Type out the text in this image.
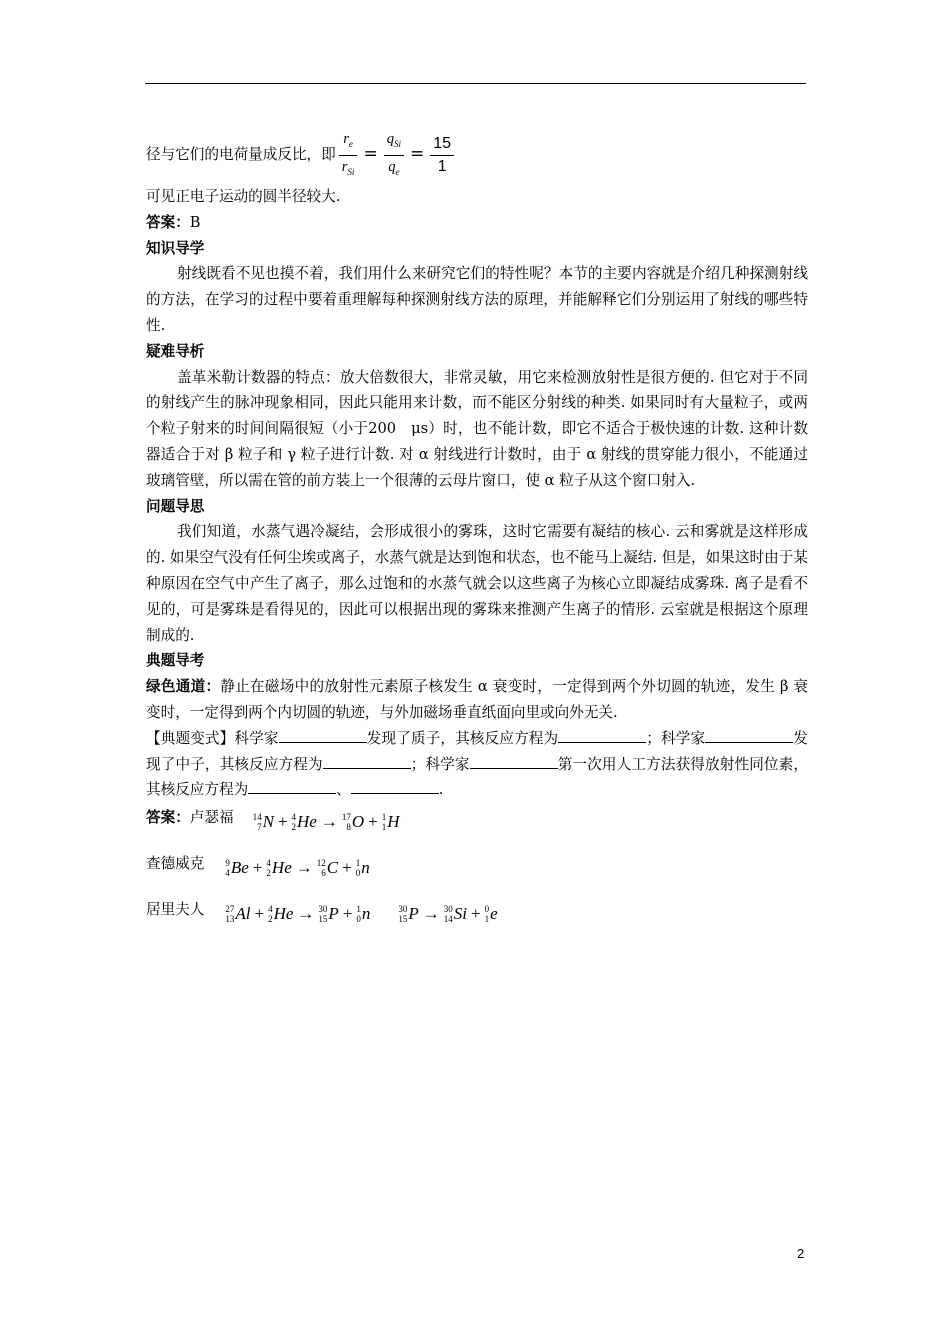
径与它们的电荷量成反比，即 $\frac{r_e}{r_{Si}} = \frac{q_{Si}}{q_e} = \frac{15}{1}$

可见正电子运动的圆半径较大.

答案：B

知识导学

射线既看不见也摸不着，我们用什么来研究它们的特性呢？本节的主要内容就是介绍几种探测射线的方法，在学习的过程中要着重理解每种探测射线方法的原理，并能解释它们分别运用了射线的哪些特性.

疑难导析

盖革米勒计数器的特点：放大倍数很大，非常灵敏，用它来检测放射性是很方便的. 但它对于不同的射线产生的脉冲现象相同，因此只能用来计数，而不能区分射线的种类. 如果同时有大量粒子，或两个粒子射来的时间间隔很短（小于200　μs）时，也不能计数，即它不适合于极快速的计数. 这种计数器适合于对 β 粒子和 γ 粒子进行计数. 对 α 射线进行计数时，由于 α 射线的贯穿能力很小，不能通过玻璃管壁，所以需在管的前方装上一个很薄的云母片窗口，使 α 粒子从这个窗口射入.

问题导思

我们知道，水蒸气遇冷凝结，会形成很小的雾珠，这时它需要有凝结的核心. 云和雾就是这样形成的. 如果空气没有任何尘埃或离子，水蒸气就是达到饱和状态，也不能马上凝结. 但是，如果这时由于某种原因在空气中产生了离子，那么过饱和的水蒸气就会以这些离子为核心立即凝结成雾珠. 离子是看不见的，可是雾珠是看得见的，因此可以根据出现的雾珠来推测产生离子的情形. 云室就是根据这个原理制成的.

典题导考

绿色通道：静止在磁场中的放射性元素原子核发生 α 衰变时，一定得到两个外切圆的轨迹，发生 β 衰变时，一定得到两个内切圆的轨迹，与外加磁场垂直纸面向里或向外无关.

【典题变式】科学家	发现了质子，其核反应方程为	；科学家	发现了中子，其核反应方程为	；科学家	第一次用人工方法获得放射性同位素，其核反应方程为	、	.

答案： 卢瑟福 14
7 N + 4
2 He → 17
8 O + 1
1 H
查德威克 9
4 Be + 4
2 He → 12
6 C + 1
0 n
居里夫人 27
13 Al + 4
2 He → 30
15 P + 1
0 n	30
15 P → 30
14 Si + 0
1 e
2
